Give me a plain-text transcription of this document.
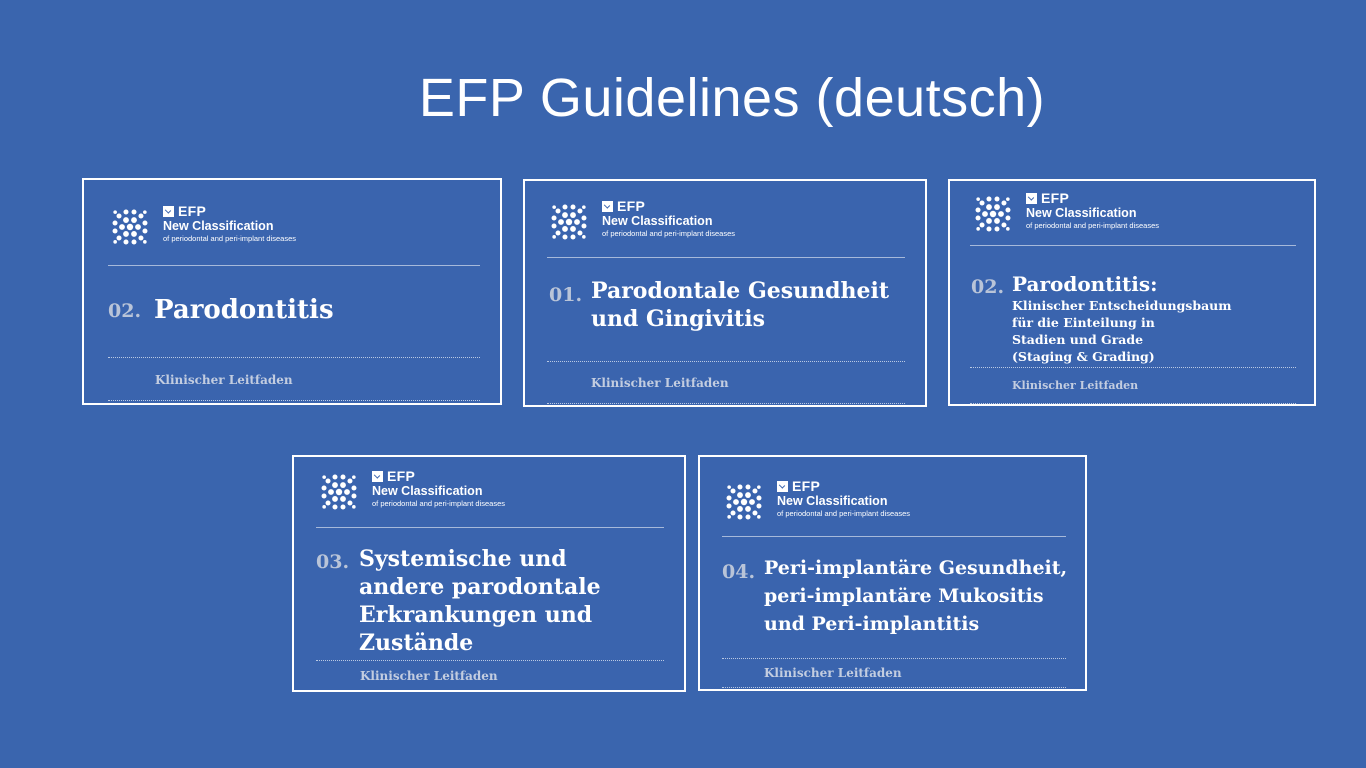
EFP Guidelines (deutsch)
EFP
New Classification
of periodontal and peri-implant diseases
02. Parodontitis
Klinischer Leitfaden
EFP
New Classification
of periodontal and peri-implant diseases
01. Parodontale Gesundheit
und Gingivitis
Klinischer Leitfaden
EFP
New Classification
of periodontal and peri-implant diseases
02. Parodontitis:
Klinischer Entscheidungsbaum
für die Einteilung in
Stadien und Grade
(Staging & Grading)
Klinischer Leitfaden
EFP
New Classification
of periodontal and peri-implant diseases
03. Systemische und
andere parodontale
Erkrankungen und
Zustände
Klinischer Leitfaden
EFP
New Classification
of periodontal and peri-implant diseases
04. Peri-implantäre Gesundheit,
peri-implantäre Mukositis
und Peri-implantitis
Klinischer Leitfaden
